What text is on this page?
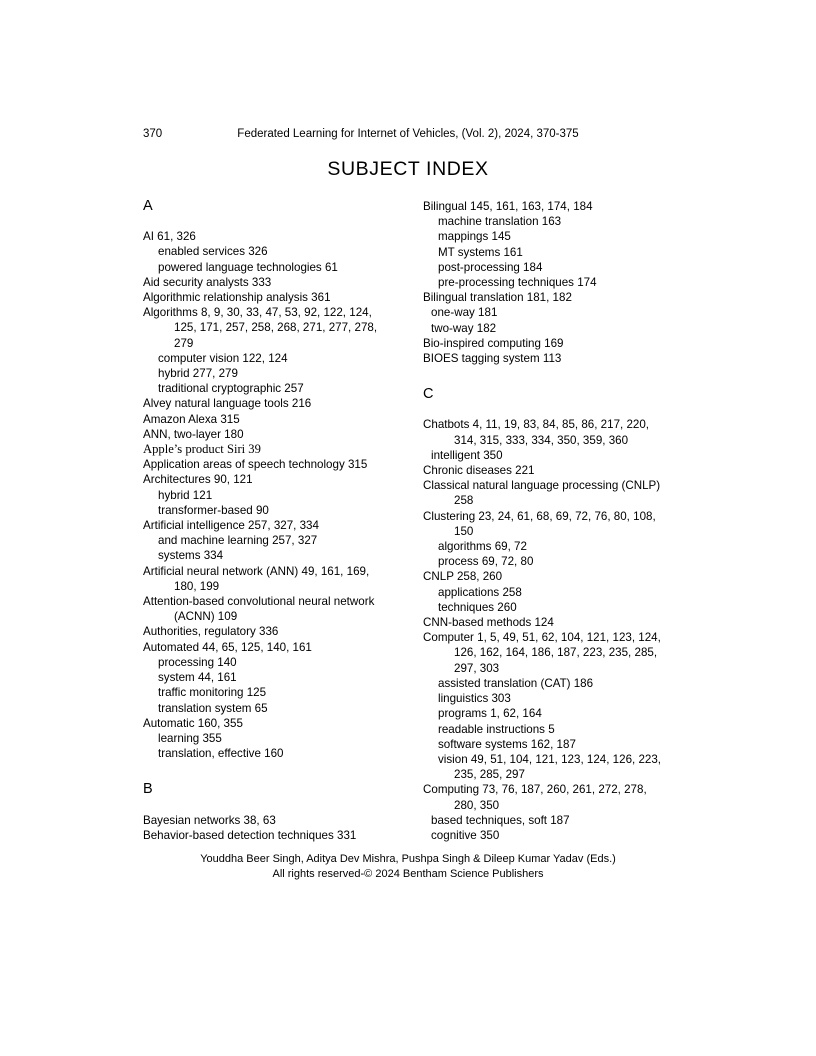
370	Federated Learning for Internet of Vehicles, (Vol. 2), 2024, 370-375
SUBJECT INDEX
A
AI 61, 326
enabled services 326
powered language technologies 61
Aid security analysts 333
Algorithmic relationship analysis 361
Algorithms 8, 9, 30, 33, 47, 53, 92, 122, 124,
125, 171, 257, 258, 268, 271, 277, 278,
279
computer vision 122, 124
hybrid 277, 279
traditional cryptographic 257
Alvey natural language tools 216
Amazon Alexa 315
ANN, two-layer 180
Apple’s product Siri 39
Application areas of speech technology 315
Architectures 90, 121
hybrid 121
transformer-based 90
Artificial intelligence 257, 327, 334
and machine learning 257, 327
systems 334
Artificial neural network (ANN) 49, 161, 169,
180, 199
Attention-based convolutional neural network
(ACNN) 109
Authorities, regulatory 336
Automated 44, 65, 125, 140, 161
processing 140
system 44, 161
traffic monitoring 125
translation system 65
Automatic 160, 355
learning 355
translation, effective 160
B
Bayesian networks 38, 63
Behavior-based detection techniques 331
Bilingual 145, 161, 163, 174, 184
machine translation 163
mappings 145
MT systems 161
post-processing 184
pre-processing techniques 174
Bilingual translation 181, 182
one-way 181
two-way 182
Bio-inspired computing 169
BIOES tagging system 113
C
Chatbots 4, 11, 19, 83, 84, 85, 86, 217, 220,
314, 315, 333, 334, 350, 359, 360
intelligent 350
Chronic diseases 221
Classical natural language processing (CNLP)
258
Clustering 23, 24, 61, 68, 69, 72, 76, 80, 108,
150
algorithms 69, 72
process 69, 72, 80
CNLP 258, 260
applications 258
techniques 260
CNN-based methods 124
Computer 1, 5, 49, 51, 62, 104, 121, 123, 124,
126, 162, 164, 186, 187, 223, 235, 285,
297, 303
assisted translation (CAT) 186
linguistics 303
programs 1, 62, 164
readable instructions 5
software systems 162, 187
vision 49, 51, 104, 121, 123, 124, 126, 223,
235, 285, 297
Computing 73, 76, 187, 260, 261, 272, 278,
280, 350
based techniques, soft 187
cognitive 350
Youddha Beer Singh, Aditya Dev Mishra, Pushpa Singh & Dileep Kumar Yadav (Eds.)
All rights reserved-© 2024 Bentham Science Publishers
